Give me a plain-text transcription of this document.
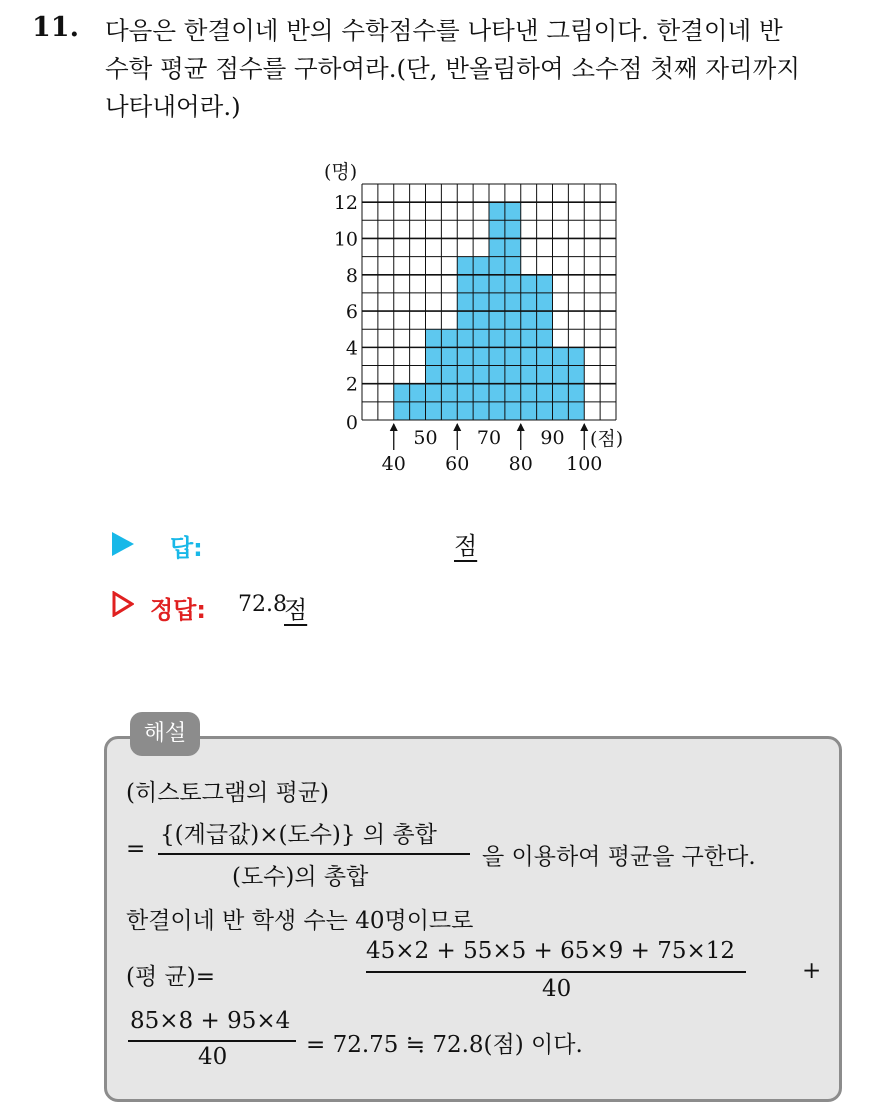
11. 다음은 한결이네 반의 수학점수를 나타낸 그림이다. 한결이네 반
수학 평균 점수를 구하여라.(단, 반올림하여 소수점 첫째 자리까지
나타내어라.)
(명)
(점)
0
2
4
6
8
10
12
50 70 90
40 60 80 100
답:	점
정답: 72.8
점
해설
(히스토그램의 평균)
=
{(계급값)×(도수)} 의 총합
(도수)의 총합
을 이용하여 평균을 구한다.
한결이네 반 학생 수는 40명이므로
(평 균)=
45×2 + 55×5 + 65×9 + 75×12
40
+
85×8 + 95×4
40	= 72.75 ≒ 72.8(점) 이다.
